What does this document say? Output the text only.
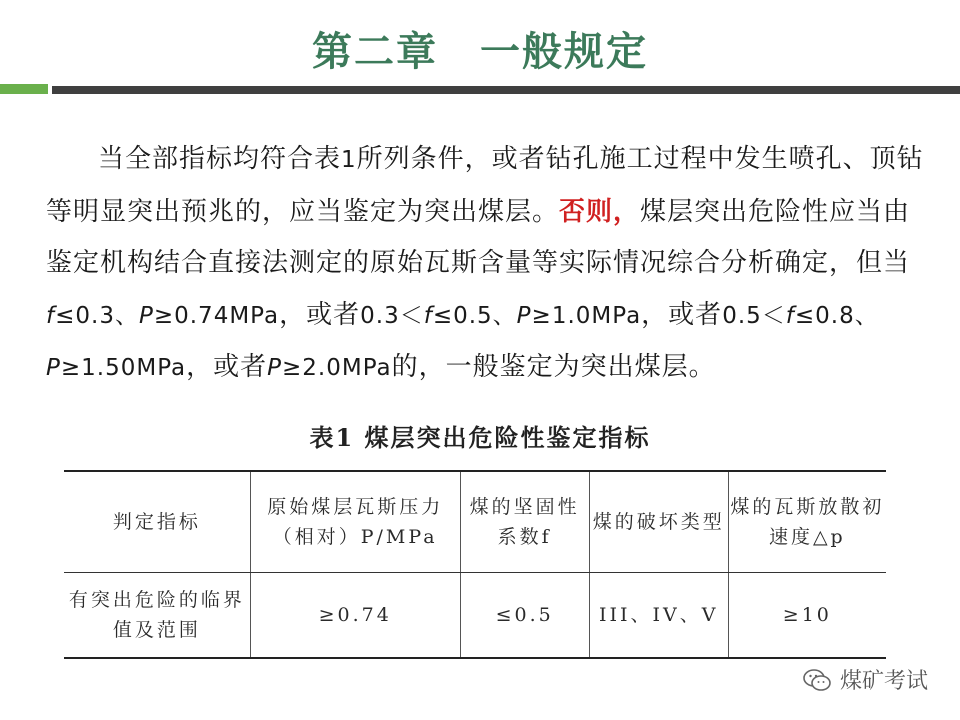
第二章　一般规定
当全部指标均符合表1所列条件，或者钻孔施工过程中发生喷孔、顶钻等明显突出预兆的，应当鉴定为突出煤层。否则，煤层突出危险性应当由鉴定机构结合直接法测定的原始瓦斯含量等实际情况综合分析确定，但当f≤0.3、P≥0.74MPa，或者0.3＜f≤0.5、P≥1.0MPa，或者0.5＜f≤0.8、P≥1.50MPa，或者P≥2.0MPa的，一般鉴定为突出煤层。
表1 煤层突出危险性鉴定指标
判定指标	原始煤层瓦斯压力（相对）P/MPa	煤的坚固性系数f	煤的破坏类型	煤的瓦斯放散初速度△p
有突出危险的临界值及范围	≥0.74	≤0.5	III、IV、V	≥10
煤矿考试
